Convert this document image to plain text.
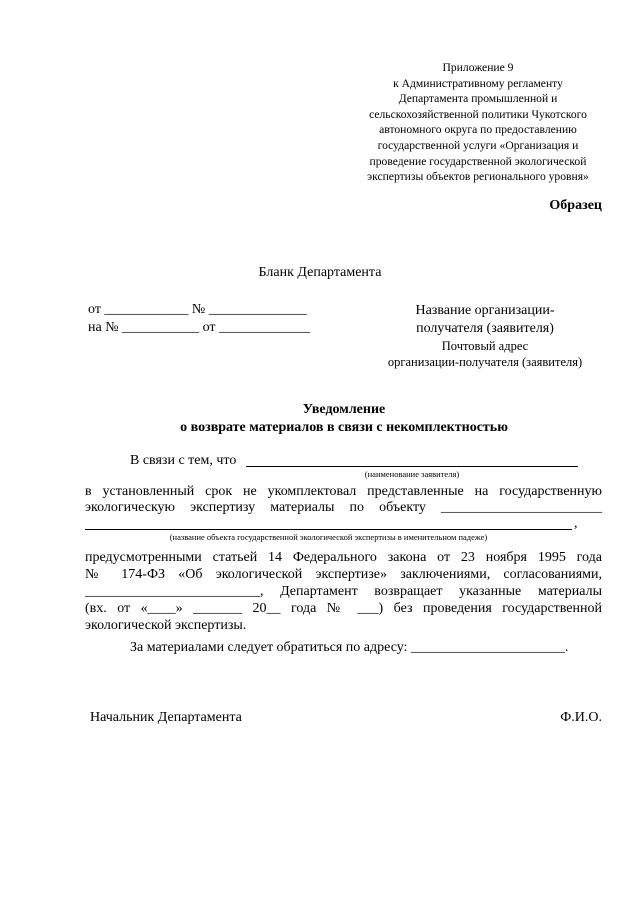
Приложение 9
к Административному регламенту
Департамента промышленной и
сельскохозяйственной политики Чукотского
автономного округа по предоставлению
государственной услуги «Организация и
проведение государственной экологической
экспертизы объектов регионального уровня»
Образец
Бланк Департамента
от ____________ № ______________
на № ___________ от _____________
Название организации-
получателя (заявителя)
Почтовый адрес
организации-получателя (заявителя)
Уведомление
о возврате материалов в связи с некомплектностью
В связи с тем, что
(наименование заявителя)
в установленный срок не укомплектовал представленные на государственную
экологическую экспертизу материалы по объекту _______________________
,
(название объекта государственной экологической экспертизы в именительном падеже)
предусмотренными статьей 14 Федерального закона от 23 ноября 1995 года
№ 174-ФЗ «Об экологической экспертизе» заключениями, согласованиями,
_________________________, Департамент возвращает указанные материалы
(вх. от «____» _______ 20__ года № ___) без проведения государственной
экологической экспертизы.
За материалами следует обратиться по адресу: ______________________.
Начальник Департамента	Ф.И.О.
